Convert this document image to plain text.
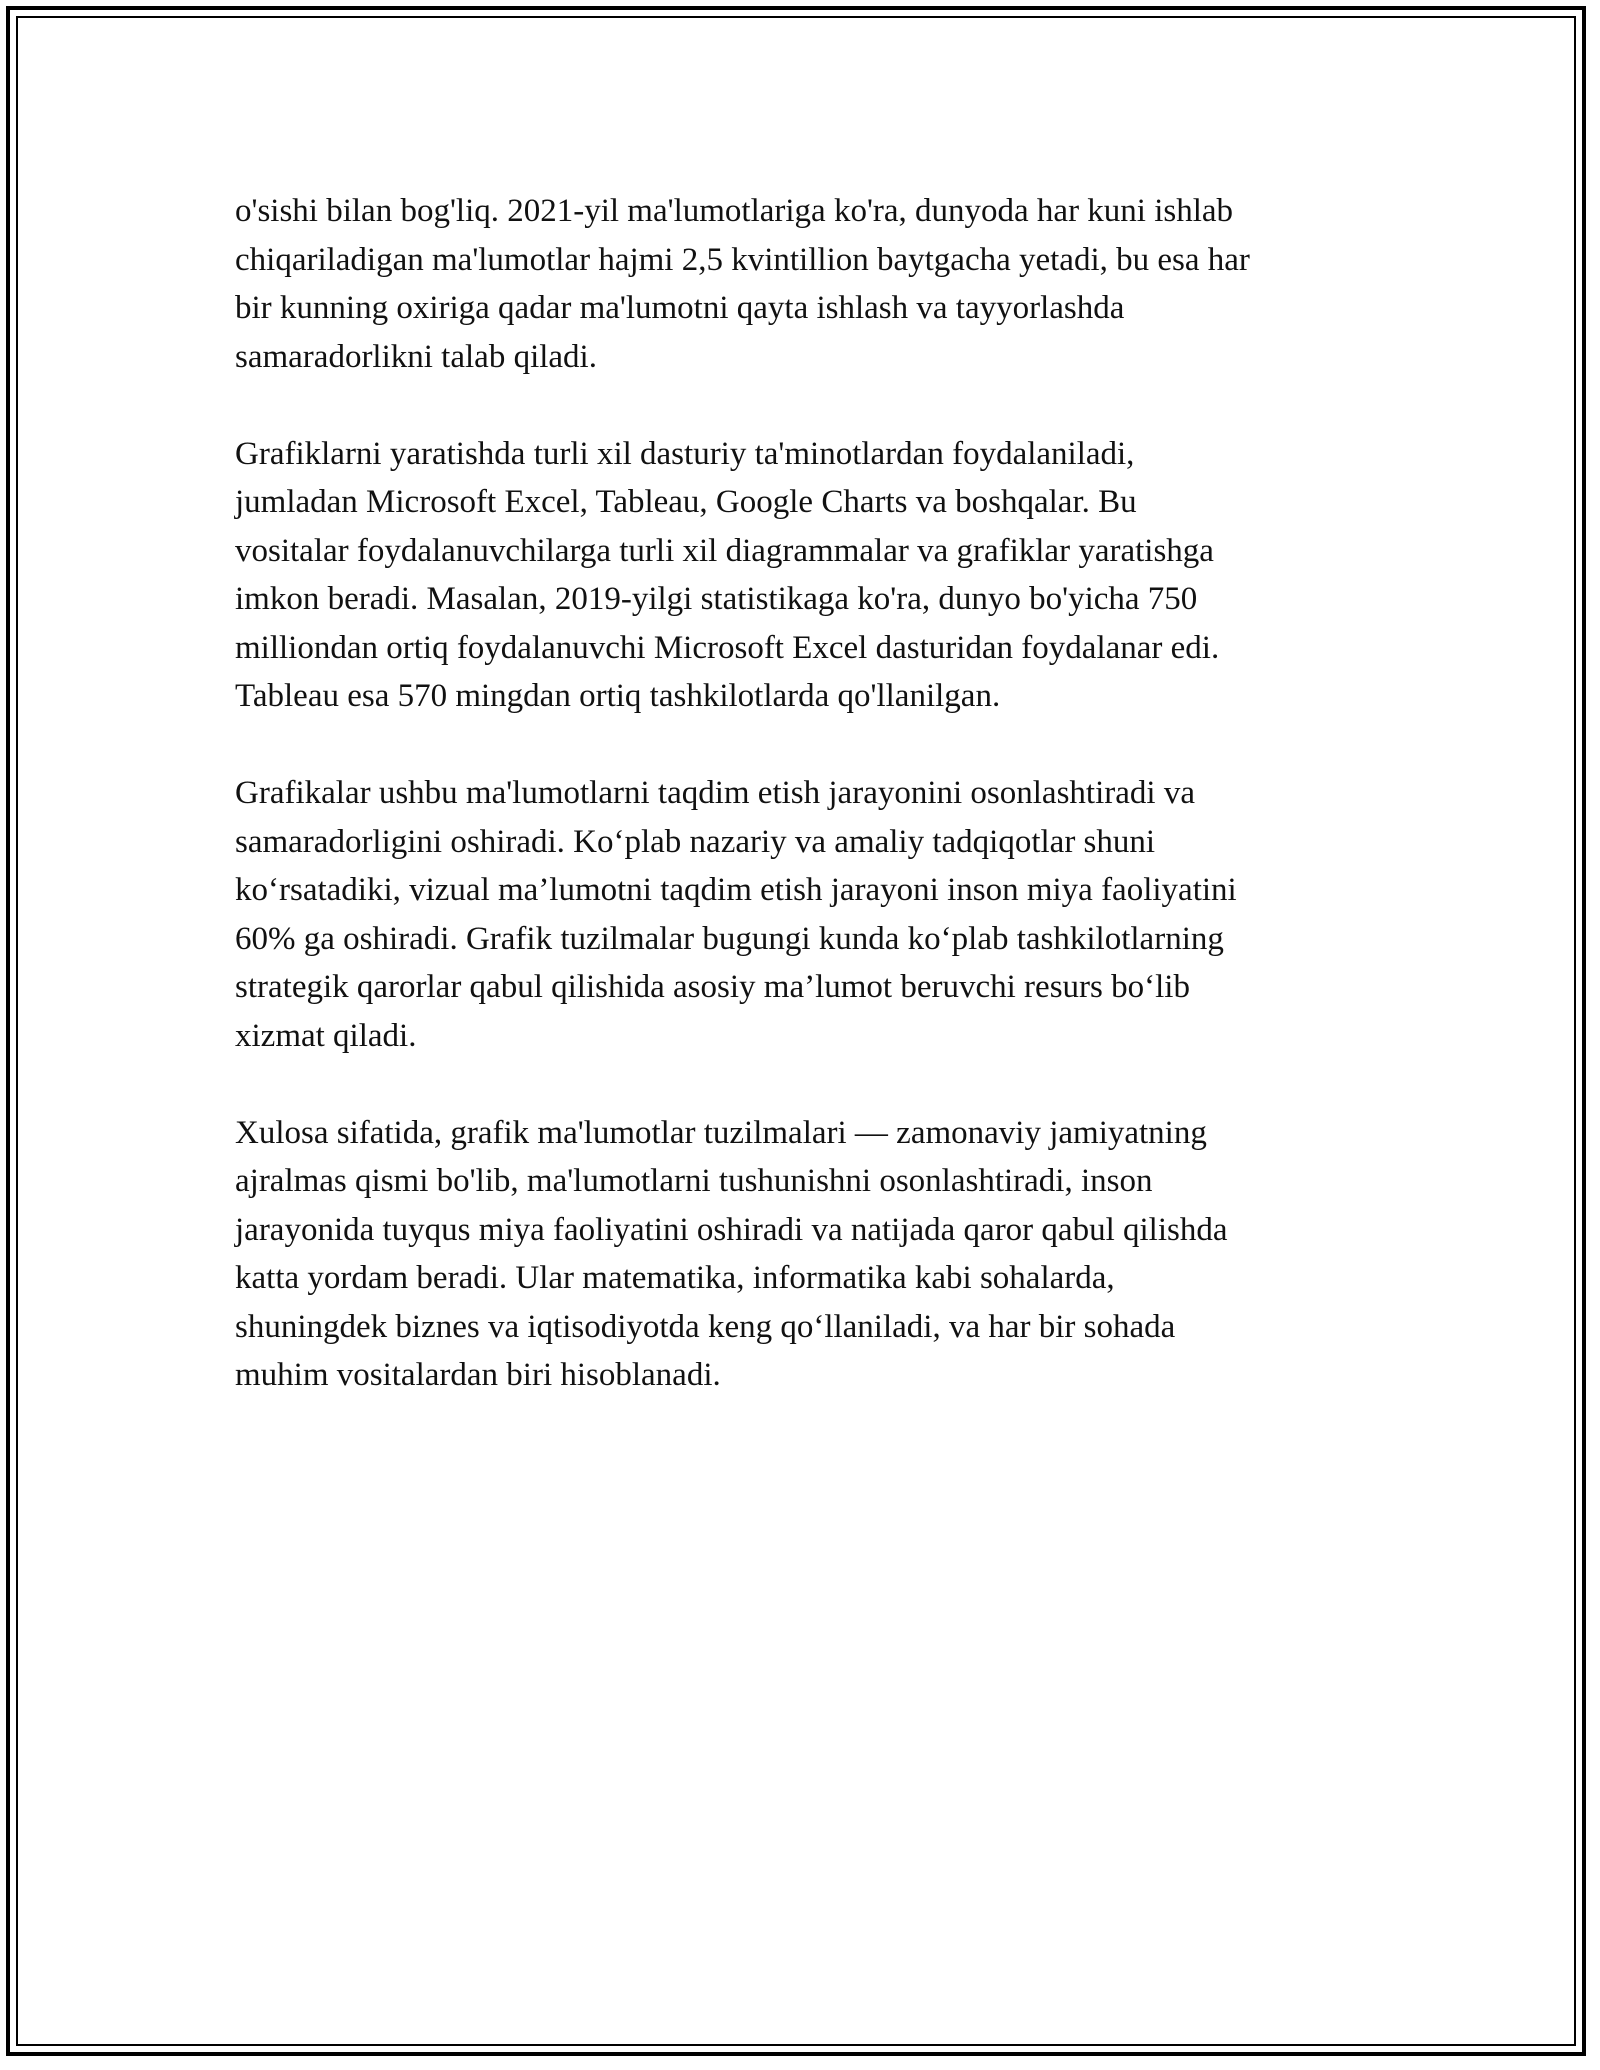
o'sishi bilan bog'liq. 2021-yil ma'lumotlariga ko'ra, dunyoda har kuni ishlab
chiqariladigan ma'lumotlar hajmi 2,5 kvintillion baytgacha yetadi, bu esa har
bir kunning oxiriga qadar ma'lumotni qayta ishlash va tayyorlashda
samaradorlikni talab qiladi.

Grafiklarni yaratishda turli xil dasturiy ta'minotlardan foydalaniladi,
jumladan Microsoft Excel, Tableau, Google Charts va boshqalar. Bu
vositalar foydalanuvchilarga turli xil diagrammalar va grafiklar yaratishga
imkon beradi. Masalan, 2019-yilgi statistikaga ko'ra, dunyo bo'yicha 750
milliondan ortiq foydalanuvchi Microsoft Excel dasturidan foydalanar edi.
Tableau esa 570 mingdan ortiq tashkilotlarda qo'llanilgan.

Grafikalar ushbu ma'lumotlarni taqdim etish jarayonini osonlashtiradi va
samaradorligini oshiradi. Ko‘plab nazariy va amaliy tadqiqotlar shuni
ko‘rsatadiki, vizual ma’lumotni taqdim etish jarayoni inson miya faoliyatini
60% ga oshiradi. Grafik tuzilmalar bugungi kunda ko‘plab tashkilotlarning
strategik qarorlar qabul qilishida asosiy ma’lumot beruvchi resurs bo‘lib
xizmat qiladi.

Xulosa sifatida, grafik ma'lumotlar tuzilmalari — zamonaviy jamiyatning
ajralmas qismi bo'lib, ma'lumotlarni tushunishni osonlashtiradi, inson
jarayonida tuyqus miya faoliyatini oshiradi va natijada qaror qabul qilishda
katta yordam beradi. Ular matematika, informatika kabi sohalarda,
shuningdek biznes va iqtisodiyotda keng qo‘llaniladi, va har bir sohada
muhim vositalardan biri hisoblanadi.
